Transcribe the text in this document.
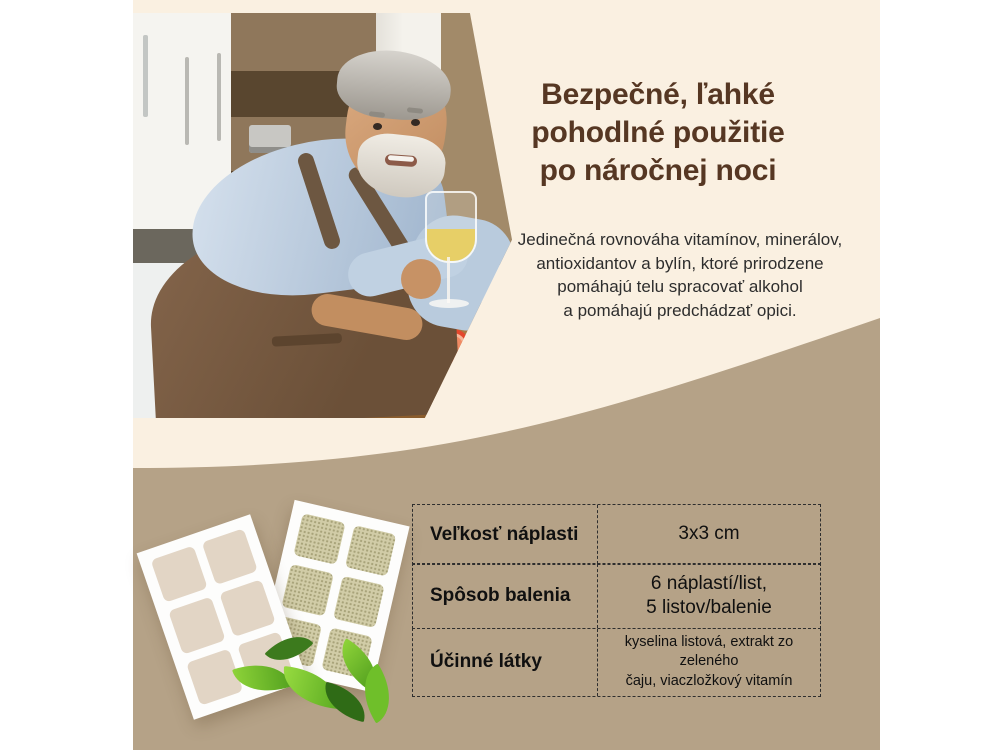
Bezpečné, ľahké
pohodlné použitie
po náročnej noci
Jedinečná rovnováha vitamínov, minerálov,
antioxidantov a bylín, ktoré prirodzene
pomáhajú telu spracovať alkohol
a pomáhajú predchádzať opici.
Veľkosť náplasti	3x3 cm
Spôsob balenia
6 náplastí/list,
5 listov/balenie
Účinné látky
kyselina listová, extrakt zo zeleného
čaju, viaczložkový vitamín
